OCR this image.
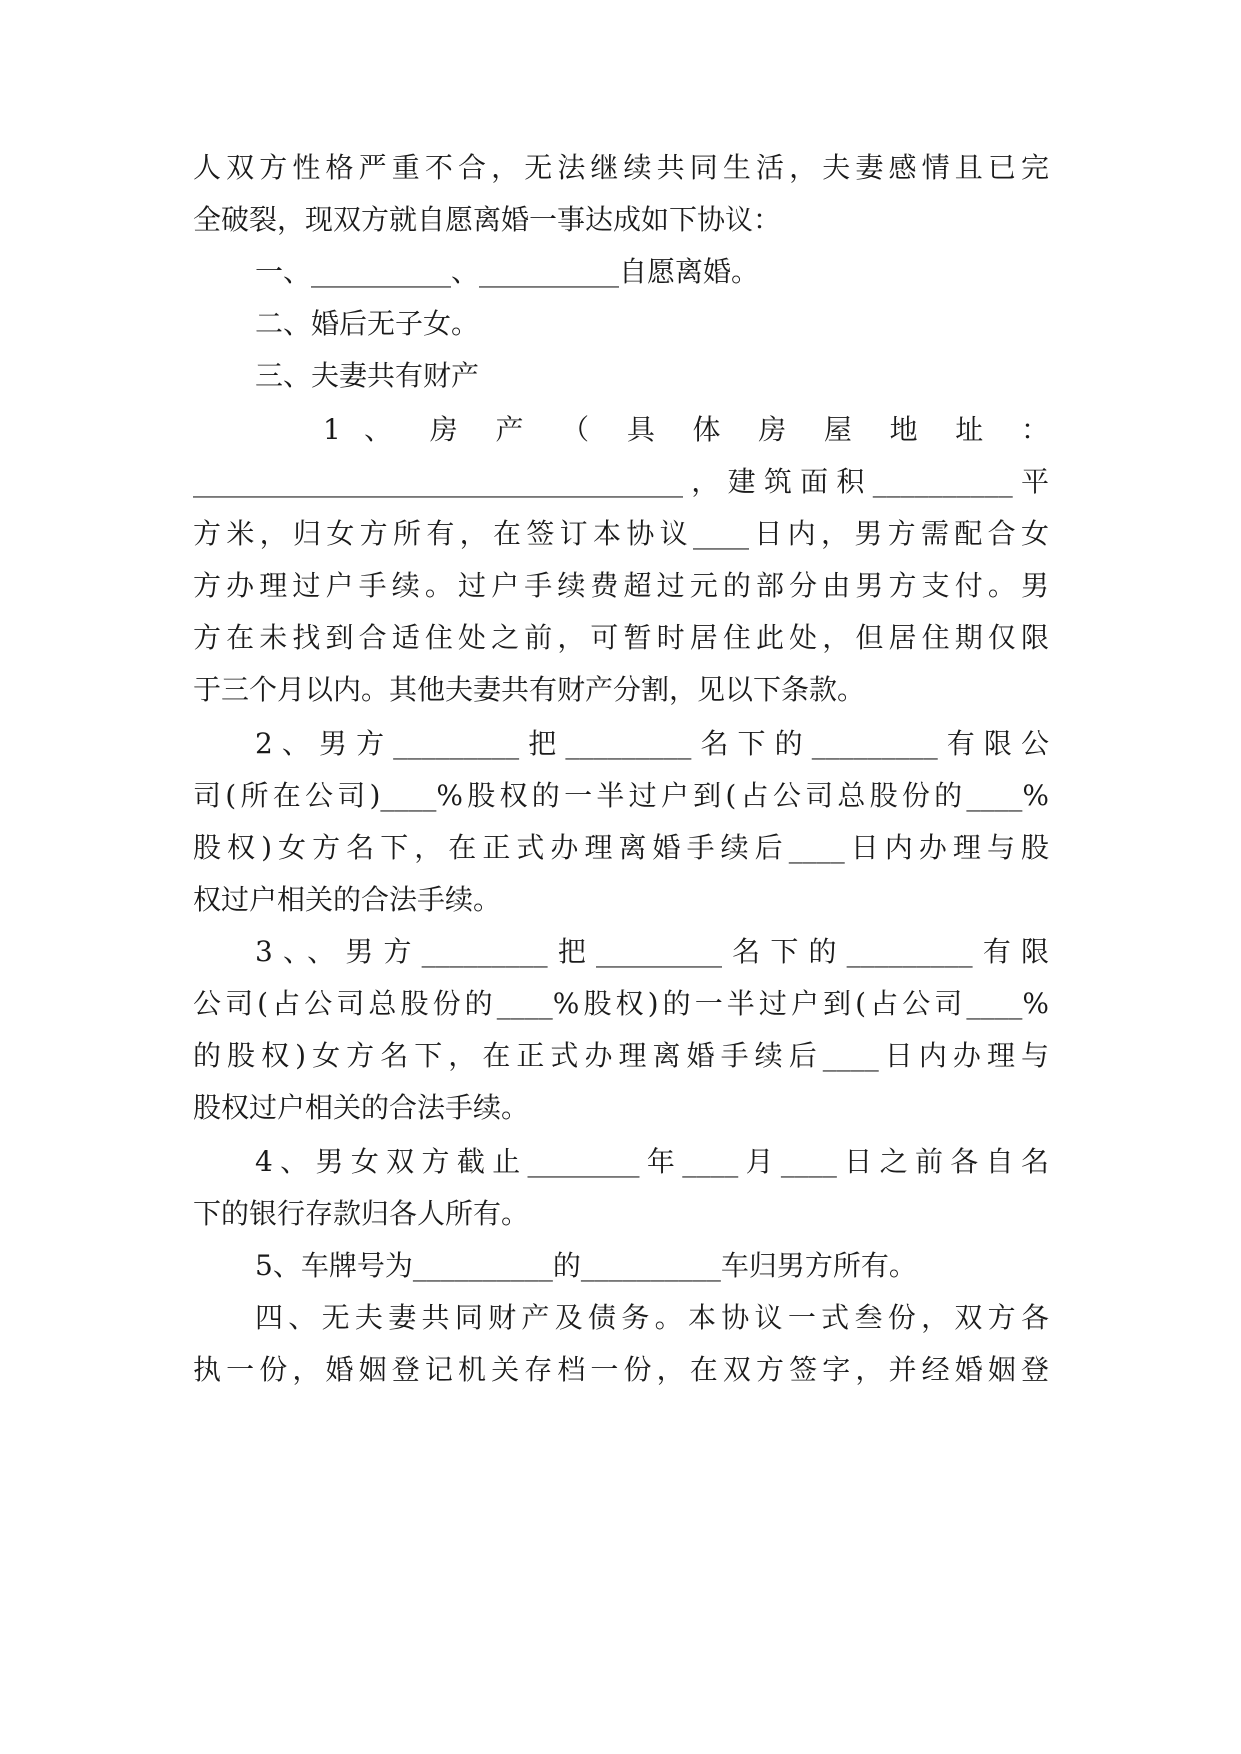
人双方性格严重不合，无法继续共同生活，夫妻感情且已完
全破裂，现双方就自愿离婚一事达成如下协议：
一、__________、__________自愿离婚。
二、婚后无子女。
三、夫妻共有财产
1 、 房 产 （ 具 体 房 屋 地 址 ：
___________________________________，建筑面积__________平
方米，归女方所有，在签订本协议____日内，男方需配合女
方办理过户手续。过户手续费超过元的部分由男方支付。男
方在未找到合适住处之前，可暂时居住此处，但居住期仅限
于三个月以内。其他夫妻共有财产分割，见以下条款。
2、男方_________把_________名下的_________有限公
司(所在公司)____%股权的一半过户到(占公司总股份的____%
股权)女方名下，在正式办理离婚手续后____日内办理与股
权过户相关的合法手续。
3、、男方_________把_________名下的_________有限
公司(占公司总股份的____%股权)的一半过户到(占公司____%
的股权)女方名下，在正式办理离婚手续后____日内办理与
股权过户相关的合法手续。
4、男女双方截止________年____月____日之前各自名
下的银行存款归各人所有。
5、车牌号为__________的__________车归男方所有。
四、无夫妻共同财产及债务。本协议一式叁份，双方各
执一份，婚姻登记机关存档一份，在双方签字，并经婚姻登
